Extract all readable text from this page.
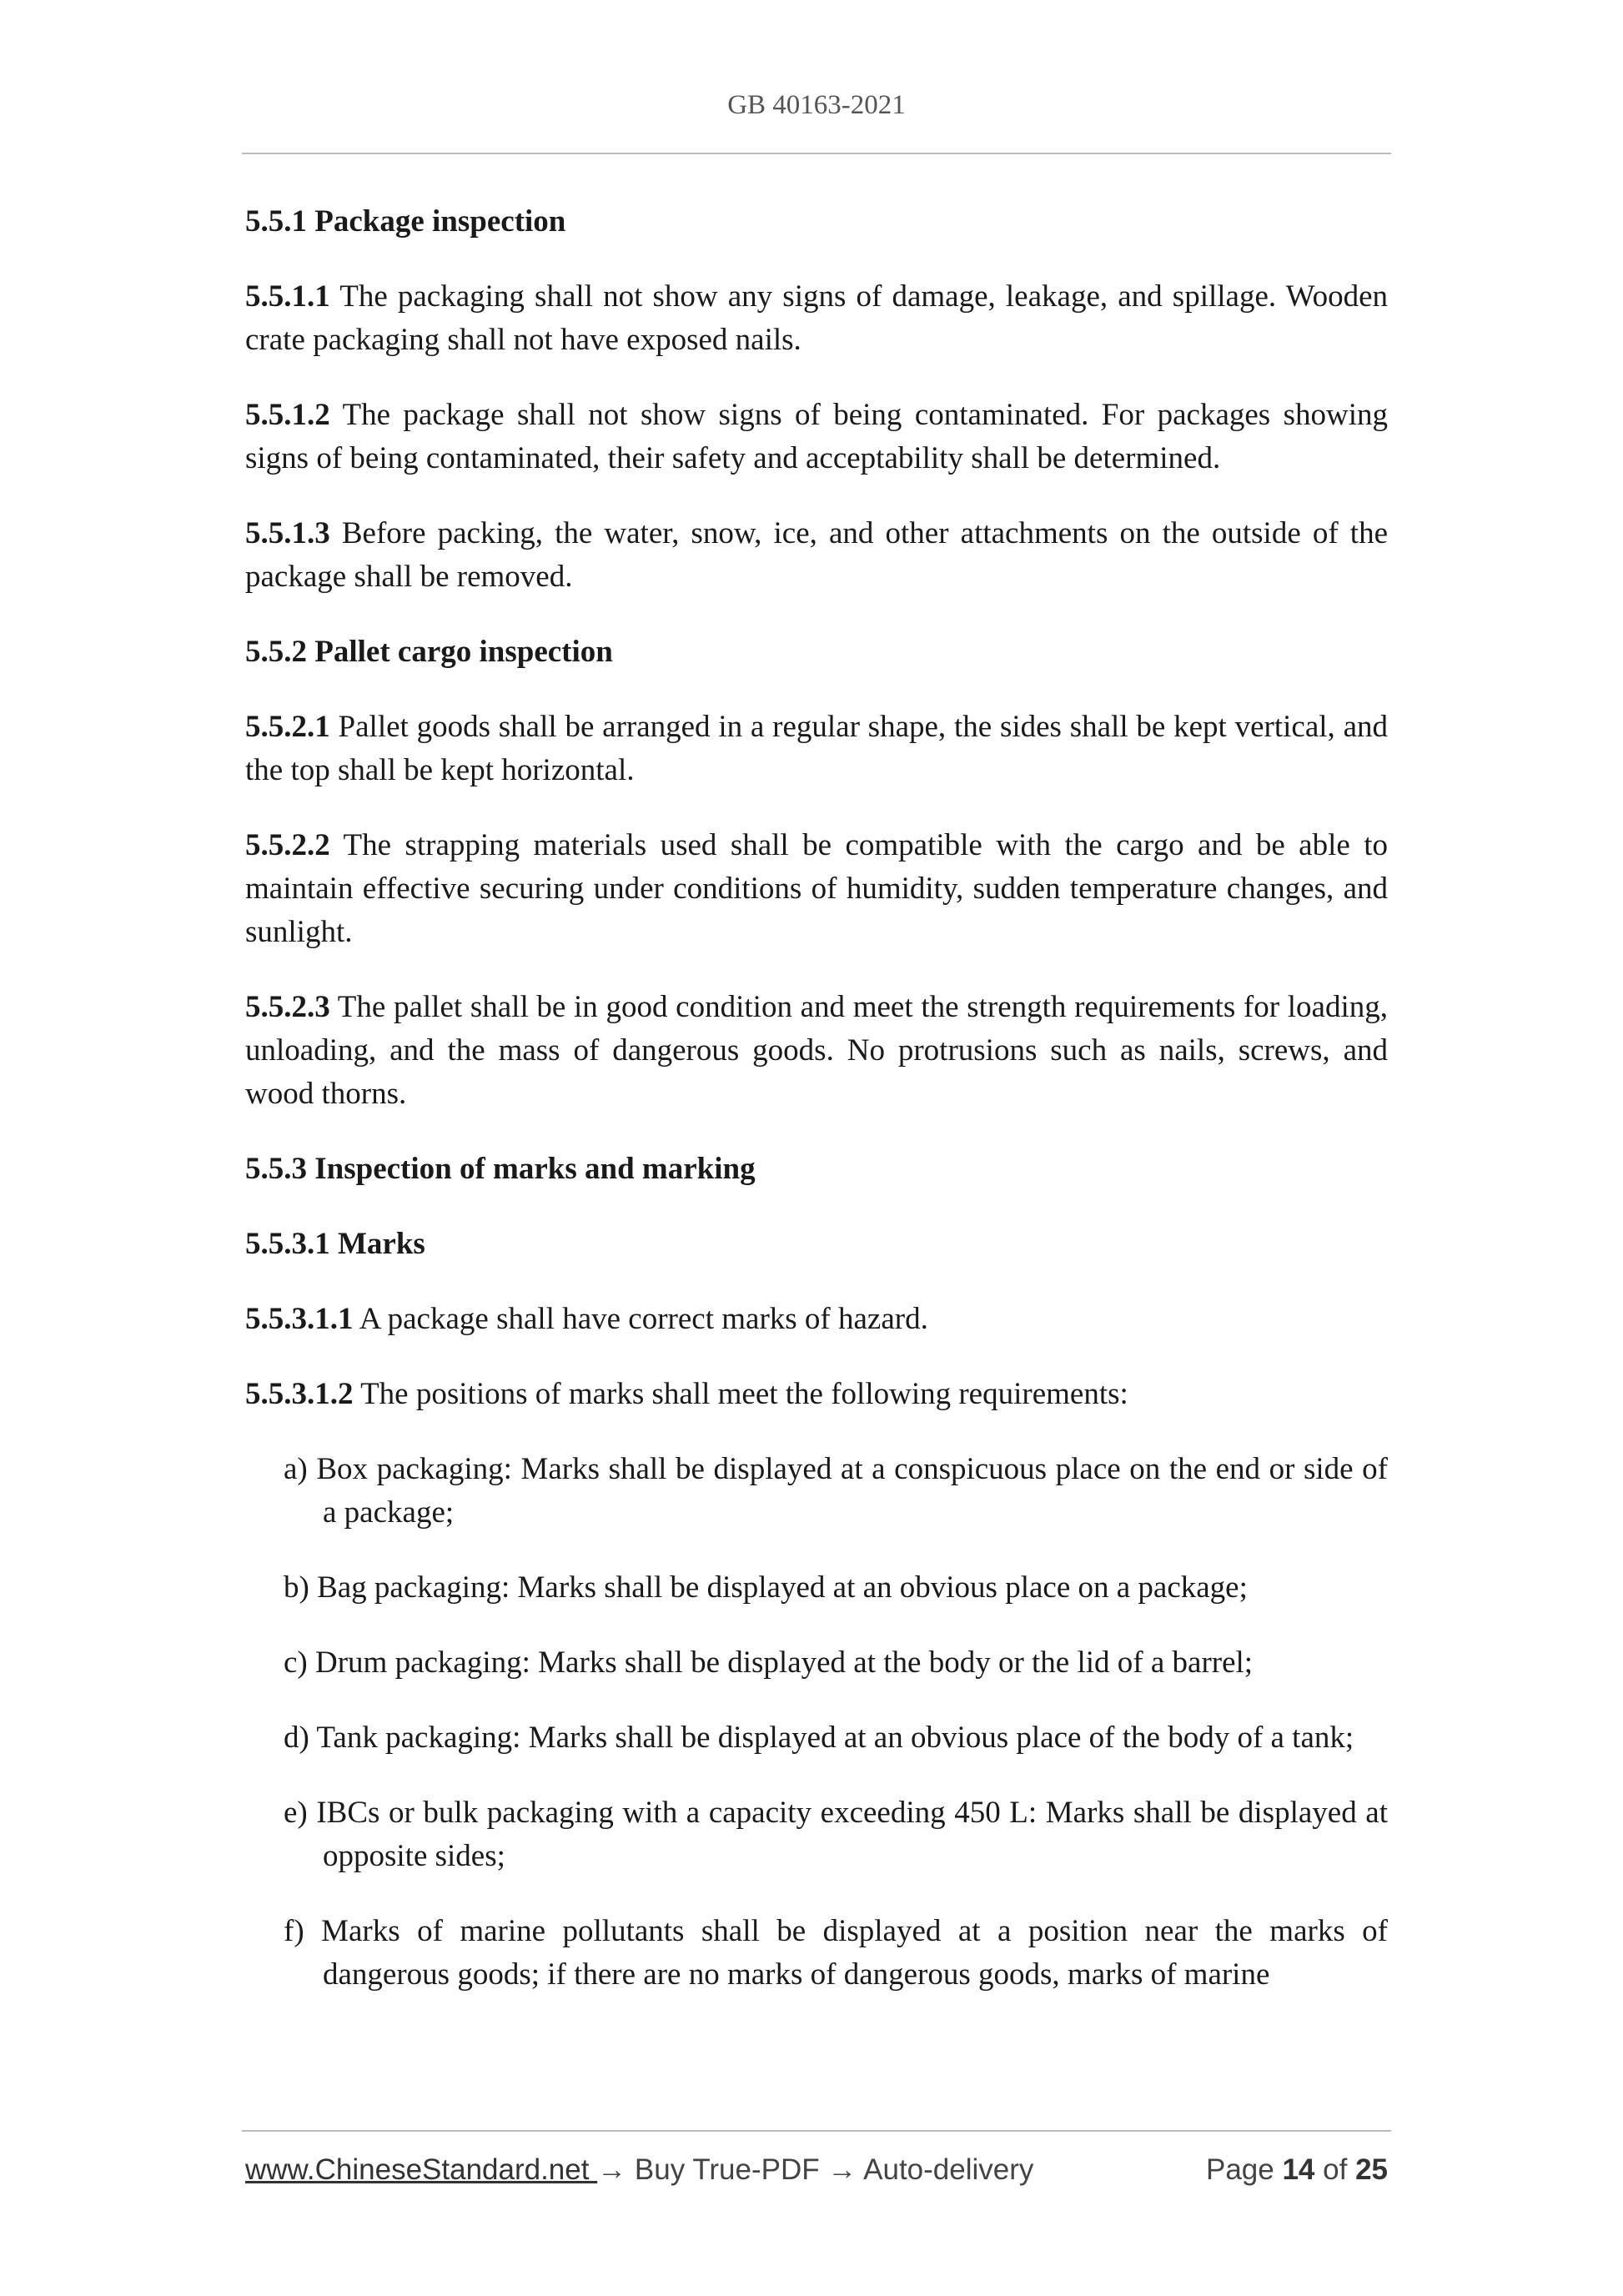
GB 40163-2021
5.5.1 Package inspection

5.5.1.1 The packaging shall not show any signs of damage, leakage, and spillage. Wooden crate packaging shall not have exposed nails.

5.5.1.2 The package shall not show signs of being contaminated. For packages showing signs of being contaminated, their safety and acceptability shall be determined.

5.5.1.3 Before packing, the water, snow, ice, and other attachments on the outside of the package shall be removed.

5.5.2 Pallet cargo inspection

5.5.2.1 Pallet goods shall be arranged in a regular shape, the sides shall be kept vertical, and the top shall be kept horizontal.

5.5.2.2 The strapping materials used shall be compatible with the cargo and be able to maintain effective securing under conditions of humidity, sudden temperature changes, and sunlight.

5.5.2.3 The pallet shall be in good condition and meet the strength requirements for loading, unloading, and the mass of dangerous goods. No protrusions such as nails, screws, and wood thorns.

5.5.3 Inspection of marks and marking
5.5.3.1 Marks

5.5.3.1.1 A package shall have correct marks of hazard.

5.5.3.1.2 The positions of marks shall meet the following requirements:

a) Box packaging: Marks shall be displayed at a conspicuous place on the end or side of a package;

b) Bag packaging: Marks shall be displayed at an obvious place on a package;

c) Drum packaging: Marks shall be displayed at the body or the lid of a barrel;

d) Tank packaging: Marks shall be displayed at an obvious place of the body of a tank;

e) IBCs or bulk packaging with a capacity exceeding 450 L: Marks shall be displayed at opposite sides;

f) Marks of marine pollutants shall be displayed at a position near the marks of dangerous goods; if there are no marks of dangerous goods, marks of marine

www.ChineseStandard.net → Buy True-PDF → Auto-delivery	Page 14 of 25
